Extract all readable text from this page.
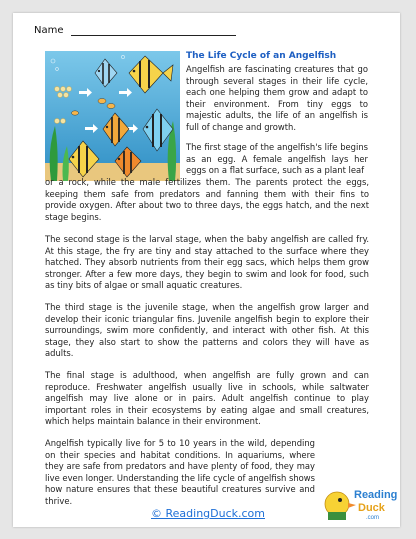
Name
The Life Cycle of an Angelfish

Angelfish are fascinating creatures that go through several stages in their life cycle, each one helping them grow and adapt to their environment. From tiny eggs to majestic adults, the life of an angelfish is full of change and growth.

The first stage of the angelfish's life begins as an egg. A female angelfish lays her eggs on a flat surface, such as a plant leaf

or a rock, while the male fertilizes them. The parents protect the eggs, keeping them safe from predators and fanning them with their fins to provide oxygen. After about two to three days, the eggs hatch, and the next stage begins.

The second stage is the larval stage, when the baby angelfish are called fry. At this stage, the fry are tiny and stay attached to the surface where they hatched. They absorb nutrients from their egg sacs, which helps them grow stronger. After a few more days, they begin to swim and look for food, such as tiny bits of algae or small aquatic creatures.

The third stage is the juvenile stage, when the angelfish grow larger and develop their iconic triangular fins. Juvenile angelfish begin to explore their surroundings, swim more confidently, and interact with other fish. At this stage, they also start to show the patterns and colors they will have as adults.

The final stage is adulthood, when angelfish are fully grown and can reproduce. Freshwater angelfish usually live in schools, while saltwater angelfish may live alone or in pairs. Adult angelfish continue to play important roles in their ecosystems by eating algae and small creatures, which helps maintain balance in their environment.

Angelfish typically live for 5 to 10 years in the wild, depending on their species and habitat conditions. In aquariums, where they are safe from predators and have plenty of food, they may live even longer. Understanding the life cycle of angelfish shows how nature ensures that these beautiful creatures survive and thrive.

© ReadingDuck.com
Reading
Duck
.com
